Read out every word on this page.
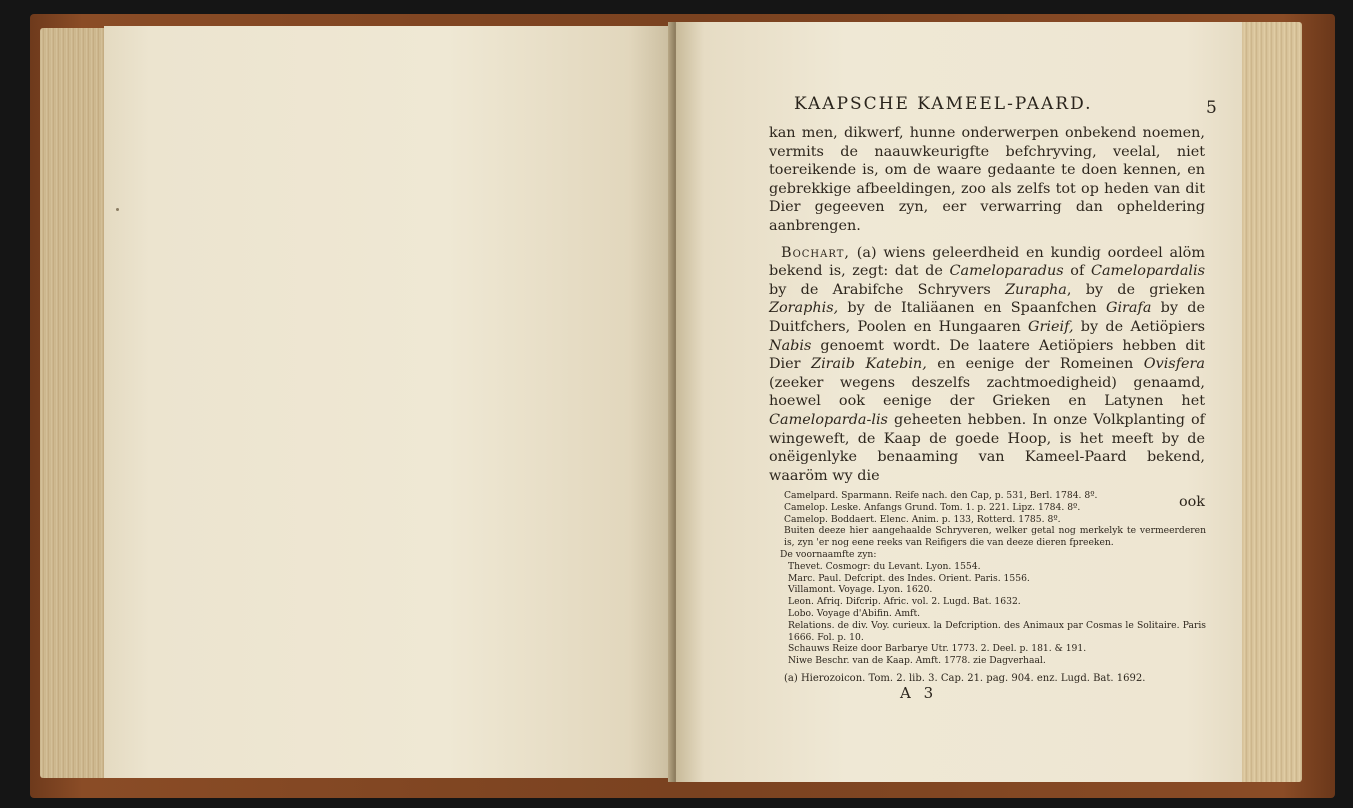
KAAPSCHE KAMEEL-PAARD.	5

kan men, dikwerf, hunne onderwerpen onbekend noemen, vermits de naauwkeurigfte befchryving, veelal, niet toereikende is, om de waare gedaante te doen kennen, en gebrekkige afbeeldingen, zoo als zelfs tot op heden van dit Dier gegeeven zyn, eer verwarring dan opheldering aanbrengen.

Bochart, (a) wiens geleerdheid en kundig oordeel alöm bekend is, zegt: dat de Cameloparadus of Camelopardalis by de Arabifche Schryvers Zurapha, by de grieken Zoraphis, by de Italiäanen en Spaanfchen Girafa by de Duitfchers, Poolen en Hungaaren Grieif, by de Aetiöpiers Nabis genoemt wordt. De laatere Aetiöpiers hebben dit Dier Ziraib Katebin, en eenige der Romeinen Ovisfera (zeeker wegens deszelfs zachtmoedigheid) genaamd, hoewel ook eenige der Grieken en Latynen het Cameloparda-lis geheeten hebben. In onze Volkplanting of wingeweft, de Kaap de goede Hoop, is het meeft by de onëigenlyke benaaming van Kameel-Paard bekend, waaröm wy die

ook

Camelpard. Sparmann. Reife nach. den Cap, p. 531, Berl. 1784. 8º.
Camelop. Leske. Anfangs Grund. Tom. 1. p. 221. Lipz. 1784. 8º.
Camelop. Boddaert. Elenc. Anim. p. 133, Rotterd. 1785. 8º.
Buiten deeze hier aangehaalde Schryveren, welker getal nog merkelyk te vermeerderen is, zyn 'er nog eene reeks van Reifigers die van deeze dieren fpreeken.
De voornaamfte zyn:
Thevet. Cosmogr: du Levant. Lyon. 1554.
Marc. Paul. Defcript. des Indes. Orient. Paris. 1556.
Villamont. Voyage. Lyon. 1620.
Leon. Afriq. Difcrip. Afric. vol. 2. Lugd. Bat. 1632.
Lobo. Voyage d'Abifin. Amft.
Relations. de div. Voy. curieux. la Defcription. des Animaux par Cosmas le Solitaire. Paris 1666. Fol. p. 10.
Schauws Reize door Barbarye Utr. 1773. 2. Deel. p. 181. & 191.
Niwe Beschr. van de Kaap. Amft. 1778. zie Dagverhaal.
(a) Hierozoicon. Tom. 2. lib. 3. Cap. 21. pag. 904. enz. Lugd. Bat. 1692.
A 3
